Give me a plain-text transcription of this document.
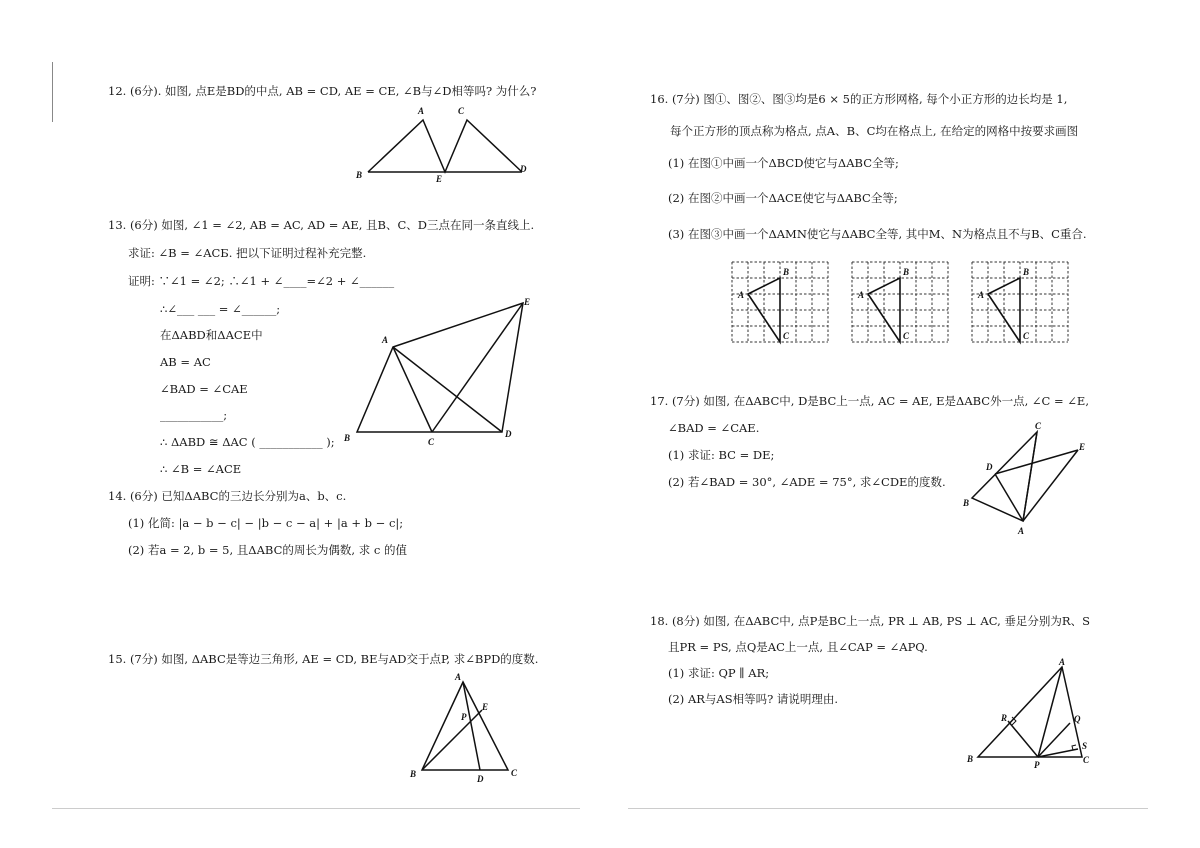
12. (6分). 如图, 点E是BD的中点, AB = CD, AE = CE, ∠B与∠D相等吗? 为什么?
A	C
B	E
D
13. (6分) 如图, ∠1 = ∠2, AB = AC, AD = AE, 且B、C、D三点在同一条直线上.
求证: ∠B = ∠ACБ. 把以下证明过程补充完整.
证明: ∵∠1 = ∠2; ∴∠1 + ∠____=∠2 + ∠______
∴∠___ ___ = ∠______;
在ΔABD和ΔACE中
AB = AC
∠BAD = ∠CAE
___________;
∴ ΔABD ≅ ΔAC ( ___________ );
∴ ∠B = ∠ACE
A
E
B	C
D
14. (6分) 已知ΔABC的三边长分别为a、b、c.
(1) 化简: |a − b − c| − |b − c − a| + |a + b − c|;
(2) 若a = 2, b = 5, 且ΔABC的周长为偶数, 求 c 的值
15. (7分) 如图, ΔABC是等边三角形, AE = CD, BE与AD交于点P, 求∠BPD的度数.
A
P
E
B	D
C
16. (7分) 图①、图②、图③均是6 × 5的正方形网格, 每个小正方形的边长均是 1,
每个正方形的顶点称为格点, 点A、B、C均在格点上, 在给定的网格中按要求画图
(1) 在图①中画一个ΔBCD使它与ΔABC全等;
(2) 在图②中画一个ΔACE使它与ΔABC全等;
(3) 在图③中画一个ΔAMN使它与ΔABC全等, 其中M、N为格点且不与B、C重合.
A
B
C
A
B
C
A
B
C
17. (7分) 如图, 在ΔABC中, D是BC上一点, AC = AE, E是ΔABC外一点, ∠C = ∠E,
∠BAD = ∠CAE.
(1) 求证: BC = DE;
(2) 若∠BAD = 30°, ∠ADE = 75°, 求∠CDE的度数.
C
E
D
B
A
18. (8分) 如图, 在ΔABC中, 点P是BC上一点, PR ⊥ AB, PS ⊥ AC, 垂足分别为R、S
且PR = PS, 点Q是AC上一点, 且∠CAP = ∠APQ.
(1) 求证: QP ∥ AR;
(2) AR与AS相等吗? 请说明理由.
A
R	Q
S
B
P	C
